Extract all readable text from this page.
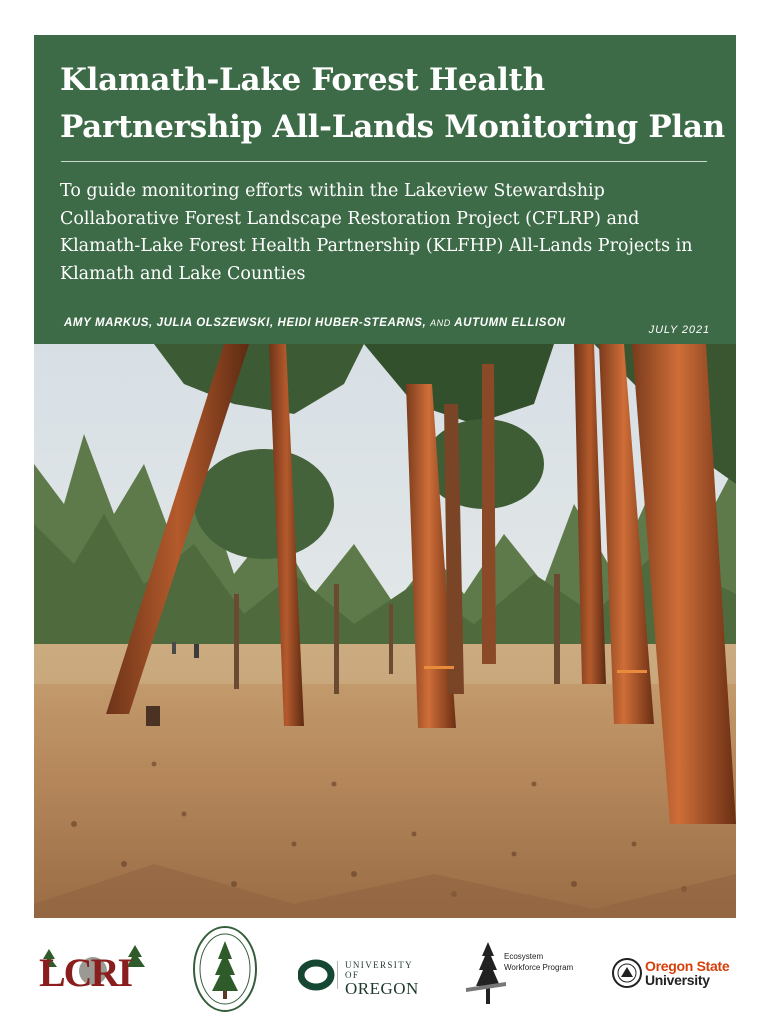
Klamath-Lake Forest Health
Partnership All-Lands Monitoring Plan
To guide monitoring efforts within the Lakeview Stewardship Collaborative Forest Landscape Restoration Project (CFLRP) and Klamath-Lake Forest Health Partnership (KLFHP) All-Lands Projects in Klamath and Lake Counties
AMY MARKUS, JULIA OLSZEWSKI, HEIDI HUBER-STEARNS, AND AUTUMN ELLISON
JULY 2021
LCRI	UNIVERSITY OF
OREGON
Ecosystem
Workforce Program	Oregon State
University
